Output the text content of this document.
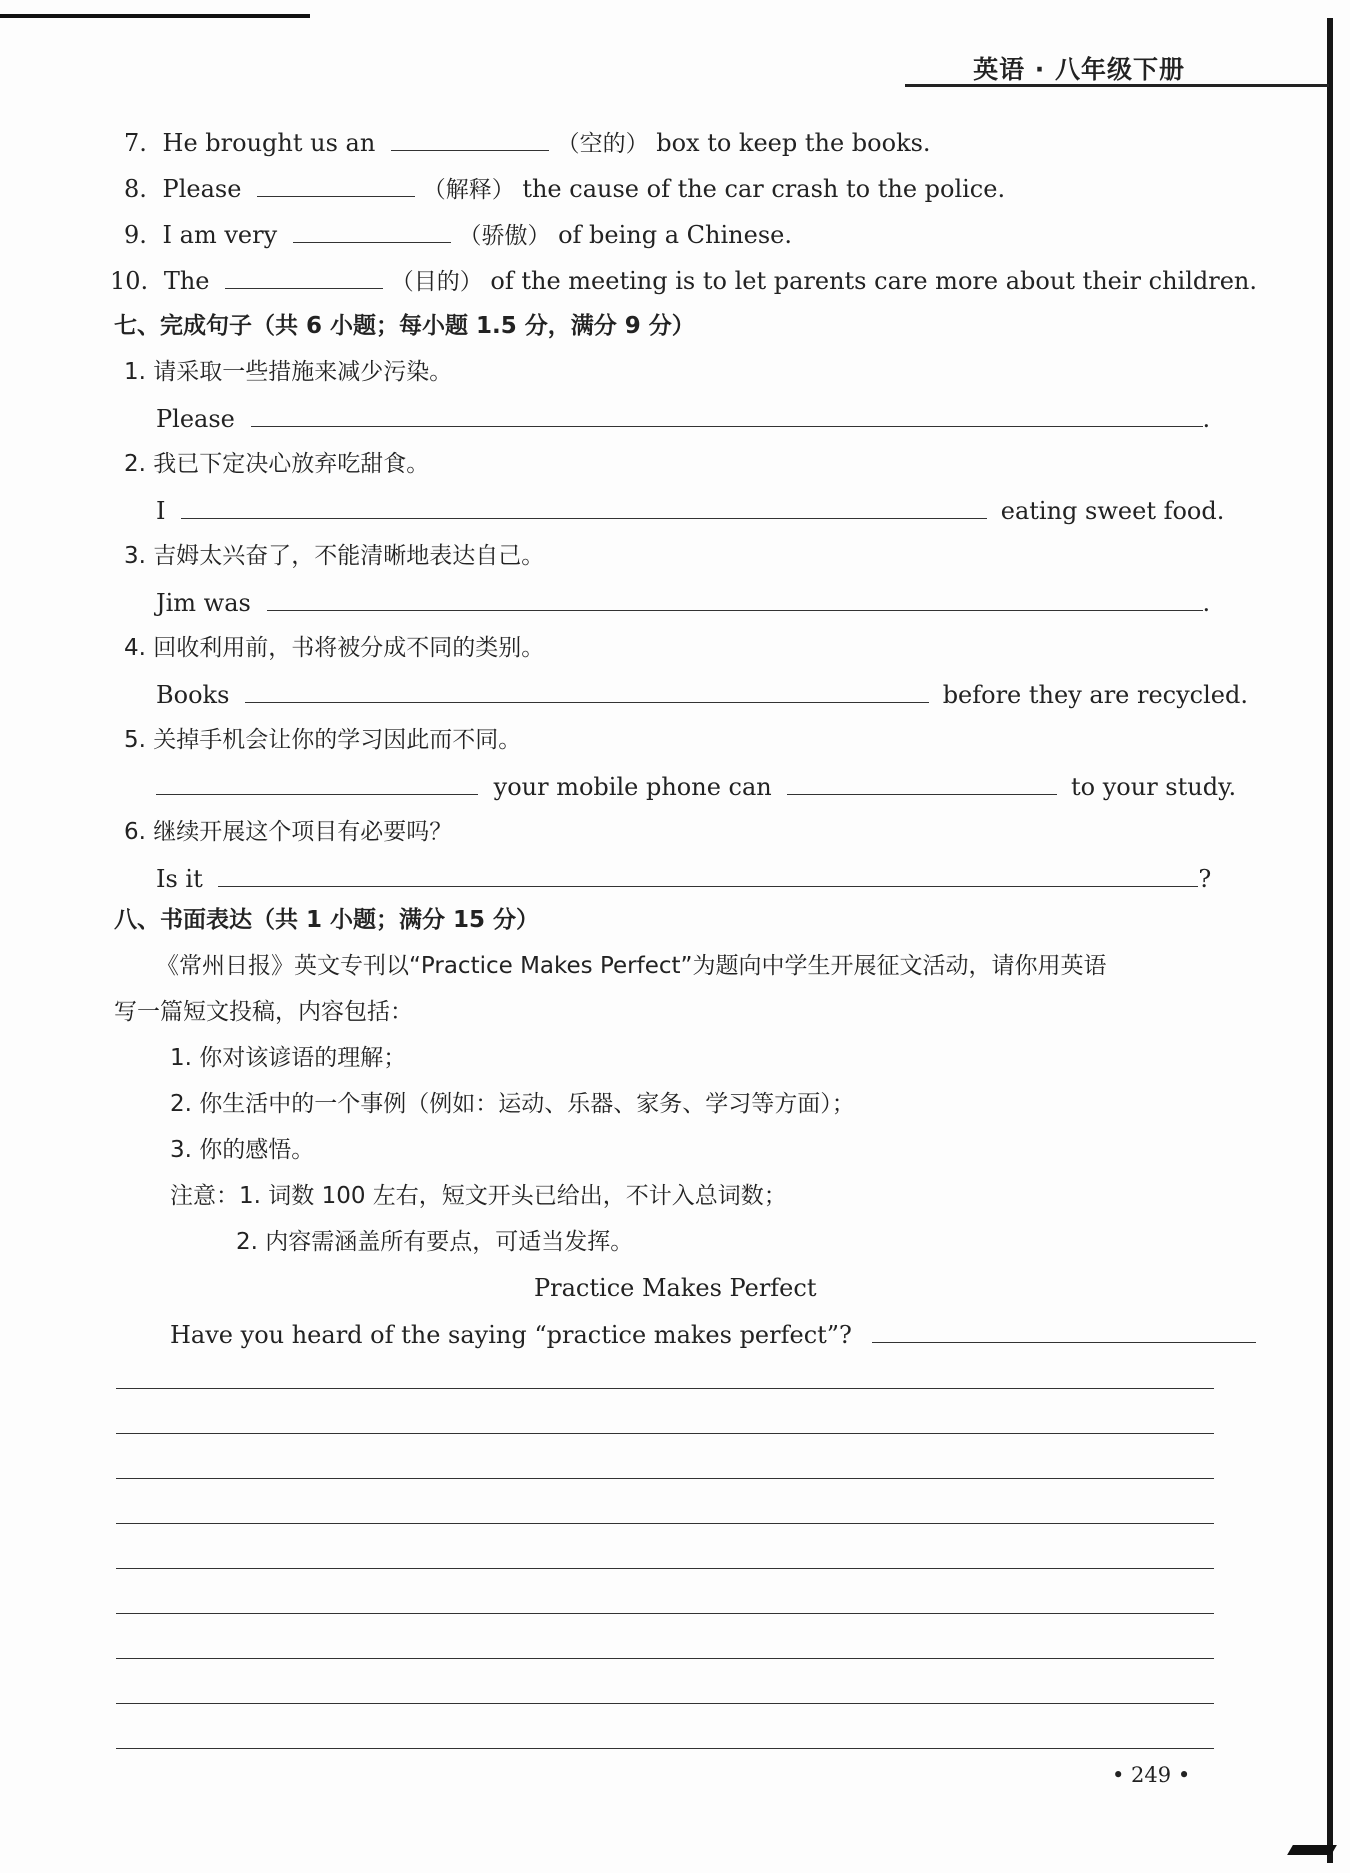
英语 · 八年级下册
7. He brought us an	（空的） box to keep the books.
8. Please	（解释） the cause of the car crash to the police.
9. I am very	（骄傲） of being a Chinese.
10. The	（目的） of the meeting is to let parents care more about their children.
七、完成句子（共 6 小题；每小题 1.5 分，满分 9 分）
1. 请采取一些措施来减少污染。
Please	.
2. 我已下定决心放弃吃甜食。
I	eating sweet food.
3. 吉姆太兴奋了，不能清晰地表达自己。
Jim was	.
4. 回收利用前，书将被分成不同的类别。
Books	before they are recycled.
5. 关掉手机会让你的学习因此而不同。
your mobile phone can	to your study.
6. 继续开展这个项目有必要吗？
Is it	?
八、书面表达（共 1 小题；满分 15 分）
《常州日报》英文专刊以“Practice Makes Perfect”为题向中学生开展征文活动，请你用英语
写一篇短文投稿，内容包括：
1. 你对该谚语的理解；
2. 你生活中的一个事例（例如：运动、乐器、家务、学习等方面）；
3. 你的感悟。
注意：1. 词数 100 左右，短文开头已给出，不计入总词数；
2. 内容需涵盖所有要点，可适当发挥。
Practice Makes Perfect
Have you heard of the saying “practice makes perfect”?
• 249 •
